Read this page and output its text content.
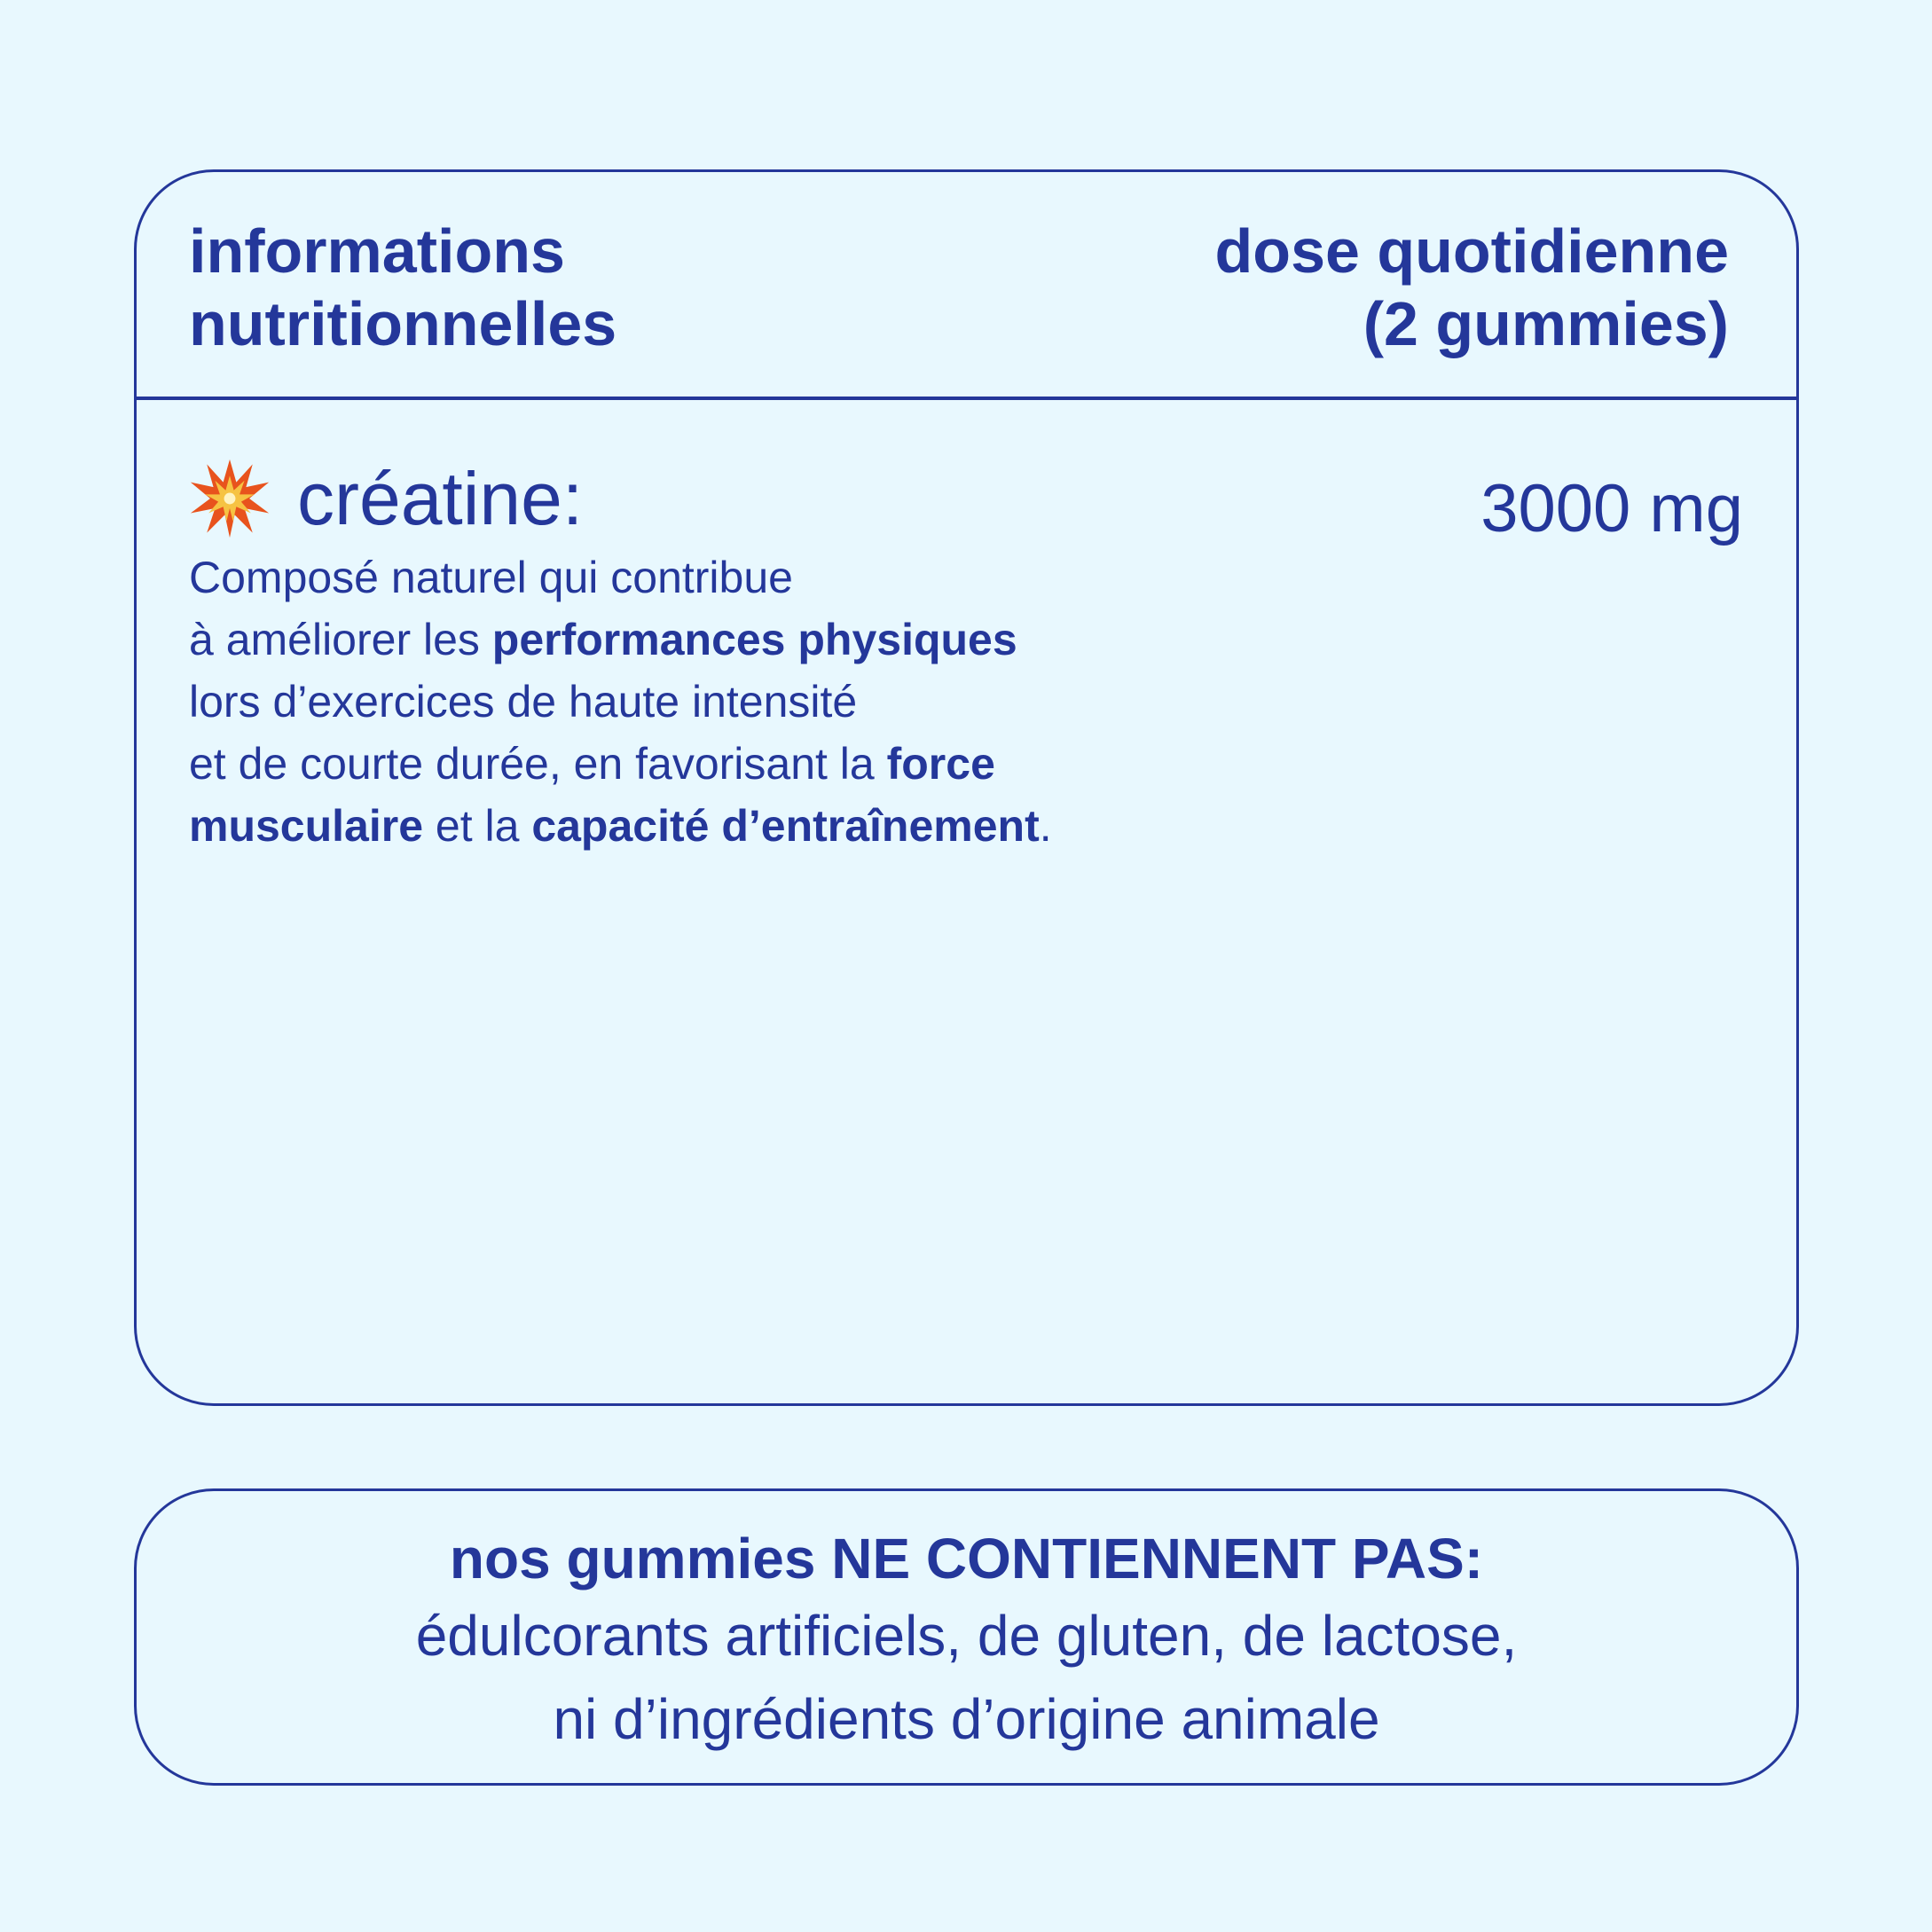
informations
nutritionnelles
dose quotidienne
(2 gummies)
créatine:	3000 mg
Composé naturel qui contribue
à améliorer les performances physiques
lors d’exercices de haute intensité
et de courte durée, en favorisant la force
musculaire et la capacité d’entraînement.
nos gummies NE CONTIENNENT PAS:
édulcorants artificiels, de gluten, de lactose,
ni d’ingrédients d’origine animale
